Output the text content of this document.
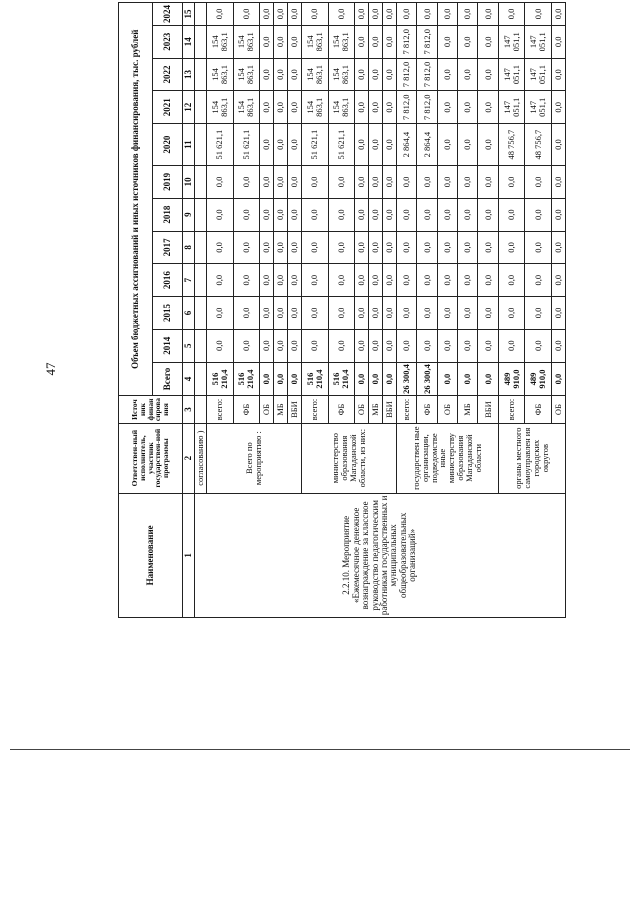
47
Наименование	Ответствен-ный исполнитель, участник государствен-ной программы	Источ ник финан сирова ния	Объем бюджетных ассигнований и иных источников финансирования, тыс. рублей											
			Всего	2014	2015	2016	2017	2018	2019	2020	2021	2022	2023	2024
1	2	3	4	5	6	7	8	9	10	11	12	13	14	15
2.2.10. Мероприятие «Ежемесячное денежное вознаграждение за классное руководство педагогическим работникам государственных и муниципальных общеобразовательных организаций»	согласованию )													
	Всего по мероприятию :	всего:	516 210,4	0,0	0,0	0,0	0,0	0,0	0,0	51 621,1	154 863,1	154 863,1	154 863,1	0,0
		ФБ	516 210,4	0,0	0,0	0,0	0,0	0,0	0,0	51 621,1	154 863,1	154 863,1	154 863,1	0,0
		ОБ	0,0	0,0	0,0	0,0	0,0	0,0	0,0	0,0	0,0	0,0	0,0	0,0
		МБ	0,0	0,0	0,0	0,0	0,0	0,0	0,0	0,0	0,0	0,0	0,0	0,0
		ВБИ	0,0	0,0	0,0	0,0	0,0	0,0	0,0	0,0	0,0	0,0	0,0	0,0
	министерство образования Магаданской области, из них:	всего:	516 210,4	0,0	0,0	0,0	0,0	0,0	0,0	51 621,1	154 863,1	154 863,1	154 863,1	0,0
		ФБ	516 210,4	0,0	0,0	0,0	0,0	0,0	0,0	51 621,1	154 863,1	154 863,1	154 863,1	0,0
		ОБ	0,0	0,0	0,0	0,0	0,0	0,0	0,0	0,0	0,0	0,0	0,0	0,0
		МБ	0,0	0,0	0,0	0,0	0,0	0,0	0,0	0,0	0,0	0,0	0,0	0,0
		ВБИ	0,0	0,0	0,0	0,0	0,0	0,0	0,0	0,0	0,0	0,0	0,0	0,0
	государствен ные организации, подведомстве нные министерству образования Магаданской области	всего:	26 300,4	0,0	0,0	0,0	0,0	0,0	0,0	2 864,4	7 812,0	7 812,0	7 812,0	0,0
		ФБ	26 300,4	0,0	0,0	0,0	0,0	0,0	0,0	2 864,4	7 812,0	7 812,0	7 812,0	0,0
		ОБ	0,0	0,0	0,0	0,0	0,0	0,0	0,0	0,0	0,0	0,0	0,0	0,0
		МБ	0,0	0,0	0,0	0,0	0,0	0,0	0,0	0,0	0,0	0,0	0,0	0,0
		ВБИ	0,0	0,0	0,0	0,0	0,0	0,0	0,0	0,0	0,0	0,0	0,0	0,0
	органы местного самоуправлен ия городских округов	всего:	489 910,0	0,0	0,0	0,0	0,0	0,0	0,0	48 756,7	147 051,1	147 051,1	147 051,1	0,0
		ФБ	489 910,0	0,0	0,0	0,0	0,0	0,0	0,0	48 756,7	147 051,1	147 051,1	147 051,1	0,0
		ОБ	0,0	0,0	0,0	0,0	0,0	0,0	0,0	0,0	0,0	0,0	0,0	0,0
